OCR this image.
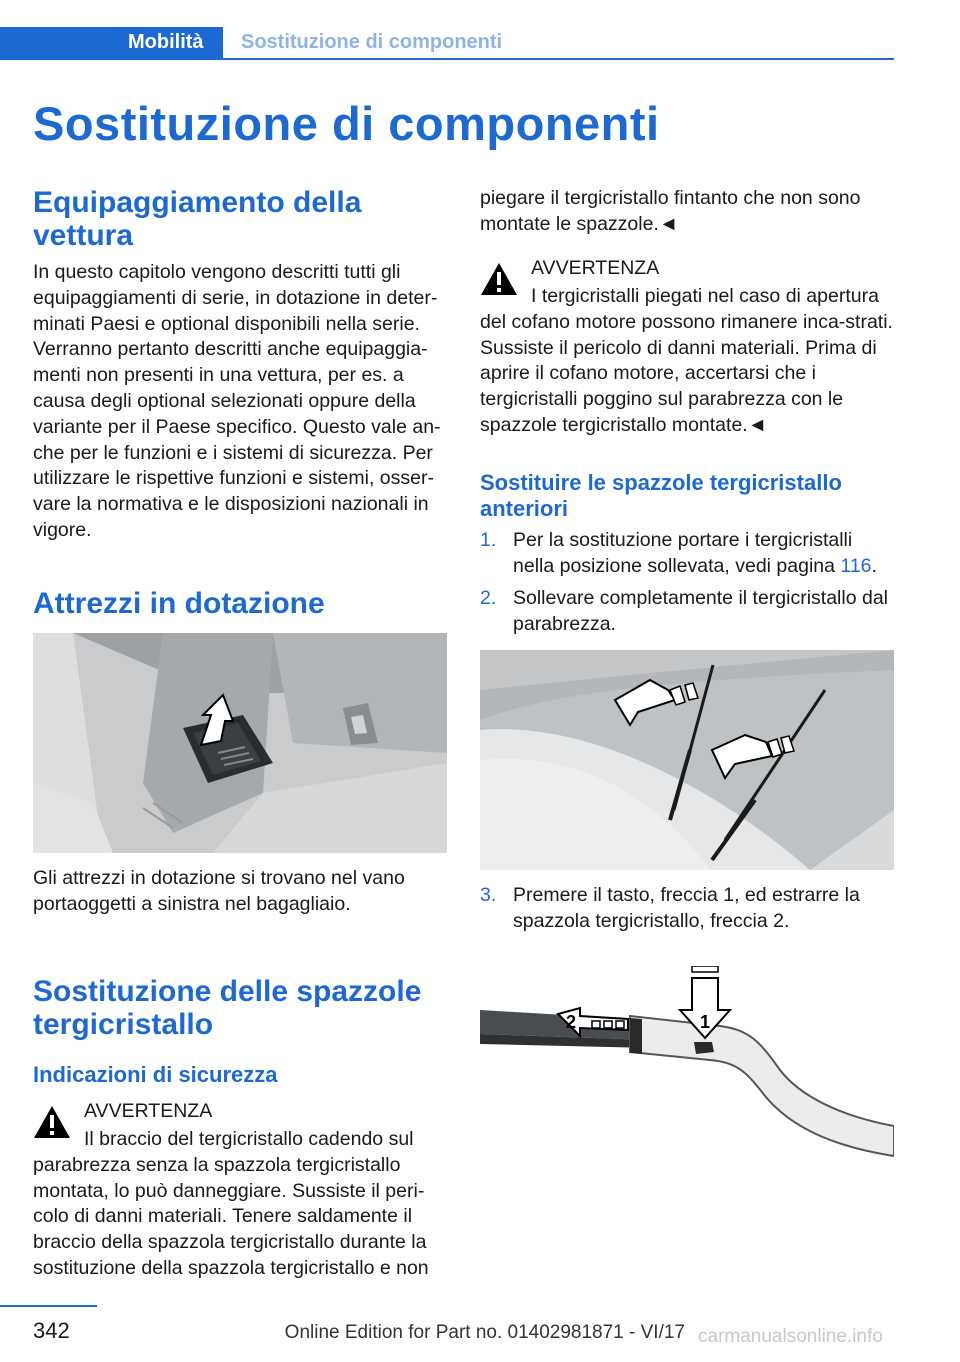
Mobilità Sostituzione di componenti
Sostituzione di componenti
Equipaggiamento della vettura

In questo capitolo vengono descritti tutti gli equipaggiamenti di serie, in dotazione in deter-minati Paesi e optional disponibili nella serie. Verranno pertanto descritti anche equipaggia-menti non presenti in una vettura, per es. a causa degli optional selezionati oppure della variante per il Paese specifico. Questo vale an-che per le funzioni e i sistemi di sicurezza. Per utilizzare le rispettive funzioni e sistemi, osser-vare la normativa e le disposizioni nazionali in vigore.

Attrezzi in dotazione

Gli attrezzi in dotazione si trovano nel vano portaoggetti a sinistra nel bagagliaio.

Sostituzione delle spazzole tergicristallo
Indicazioni di sicurezza
AVVERTENZA
Il braccio del tergicristallo cadendo sul
parabrezza senza la spazzola tergicristallo montata, lo può danneggiare. Sussiste il peri-colo di danni materiali. Tenere saldamente il braccio della spazzola tergicristallo durante la sostituzione della spazzola tergicristallo e non

piegare il tergicristallo fintanto che non sono montate le spazzole.◄

AVVERTENZA
I tergicristalli piegati nel caso di apertura
del cofano motore possono rimanere inca-strati. Sussiste il pericolo di danni materiali. Prima di aprire il cofano motore, accertarsi che i tergicristalli poggino sul parabrezza con le spazzole tergicristallo montate.◄
Sostituire le spazzole tergicristallo anteriori
1. Per la sostituzione portare i tergicristalli nella posizione sollevata, vedi pagina 116.
2. Sollevare completamente il tergicristallo dal parabrezza.
3. Premere il tasto, freccia 1, ed estrarre la spazzola tergicristallo, freccia 2.
1
2
342	Online Edition for Part no. 01402981871 - VI/17 carmanualsonline.info
